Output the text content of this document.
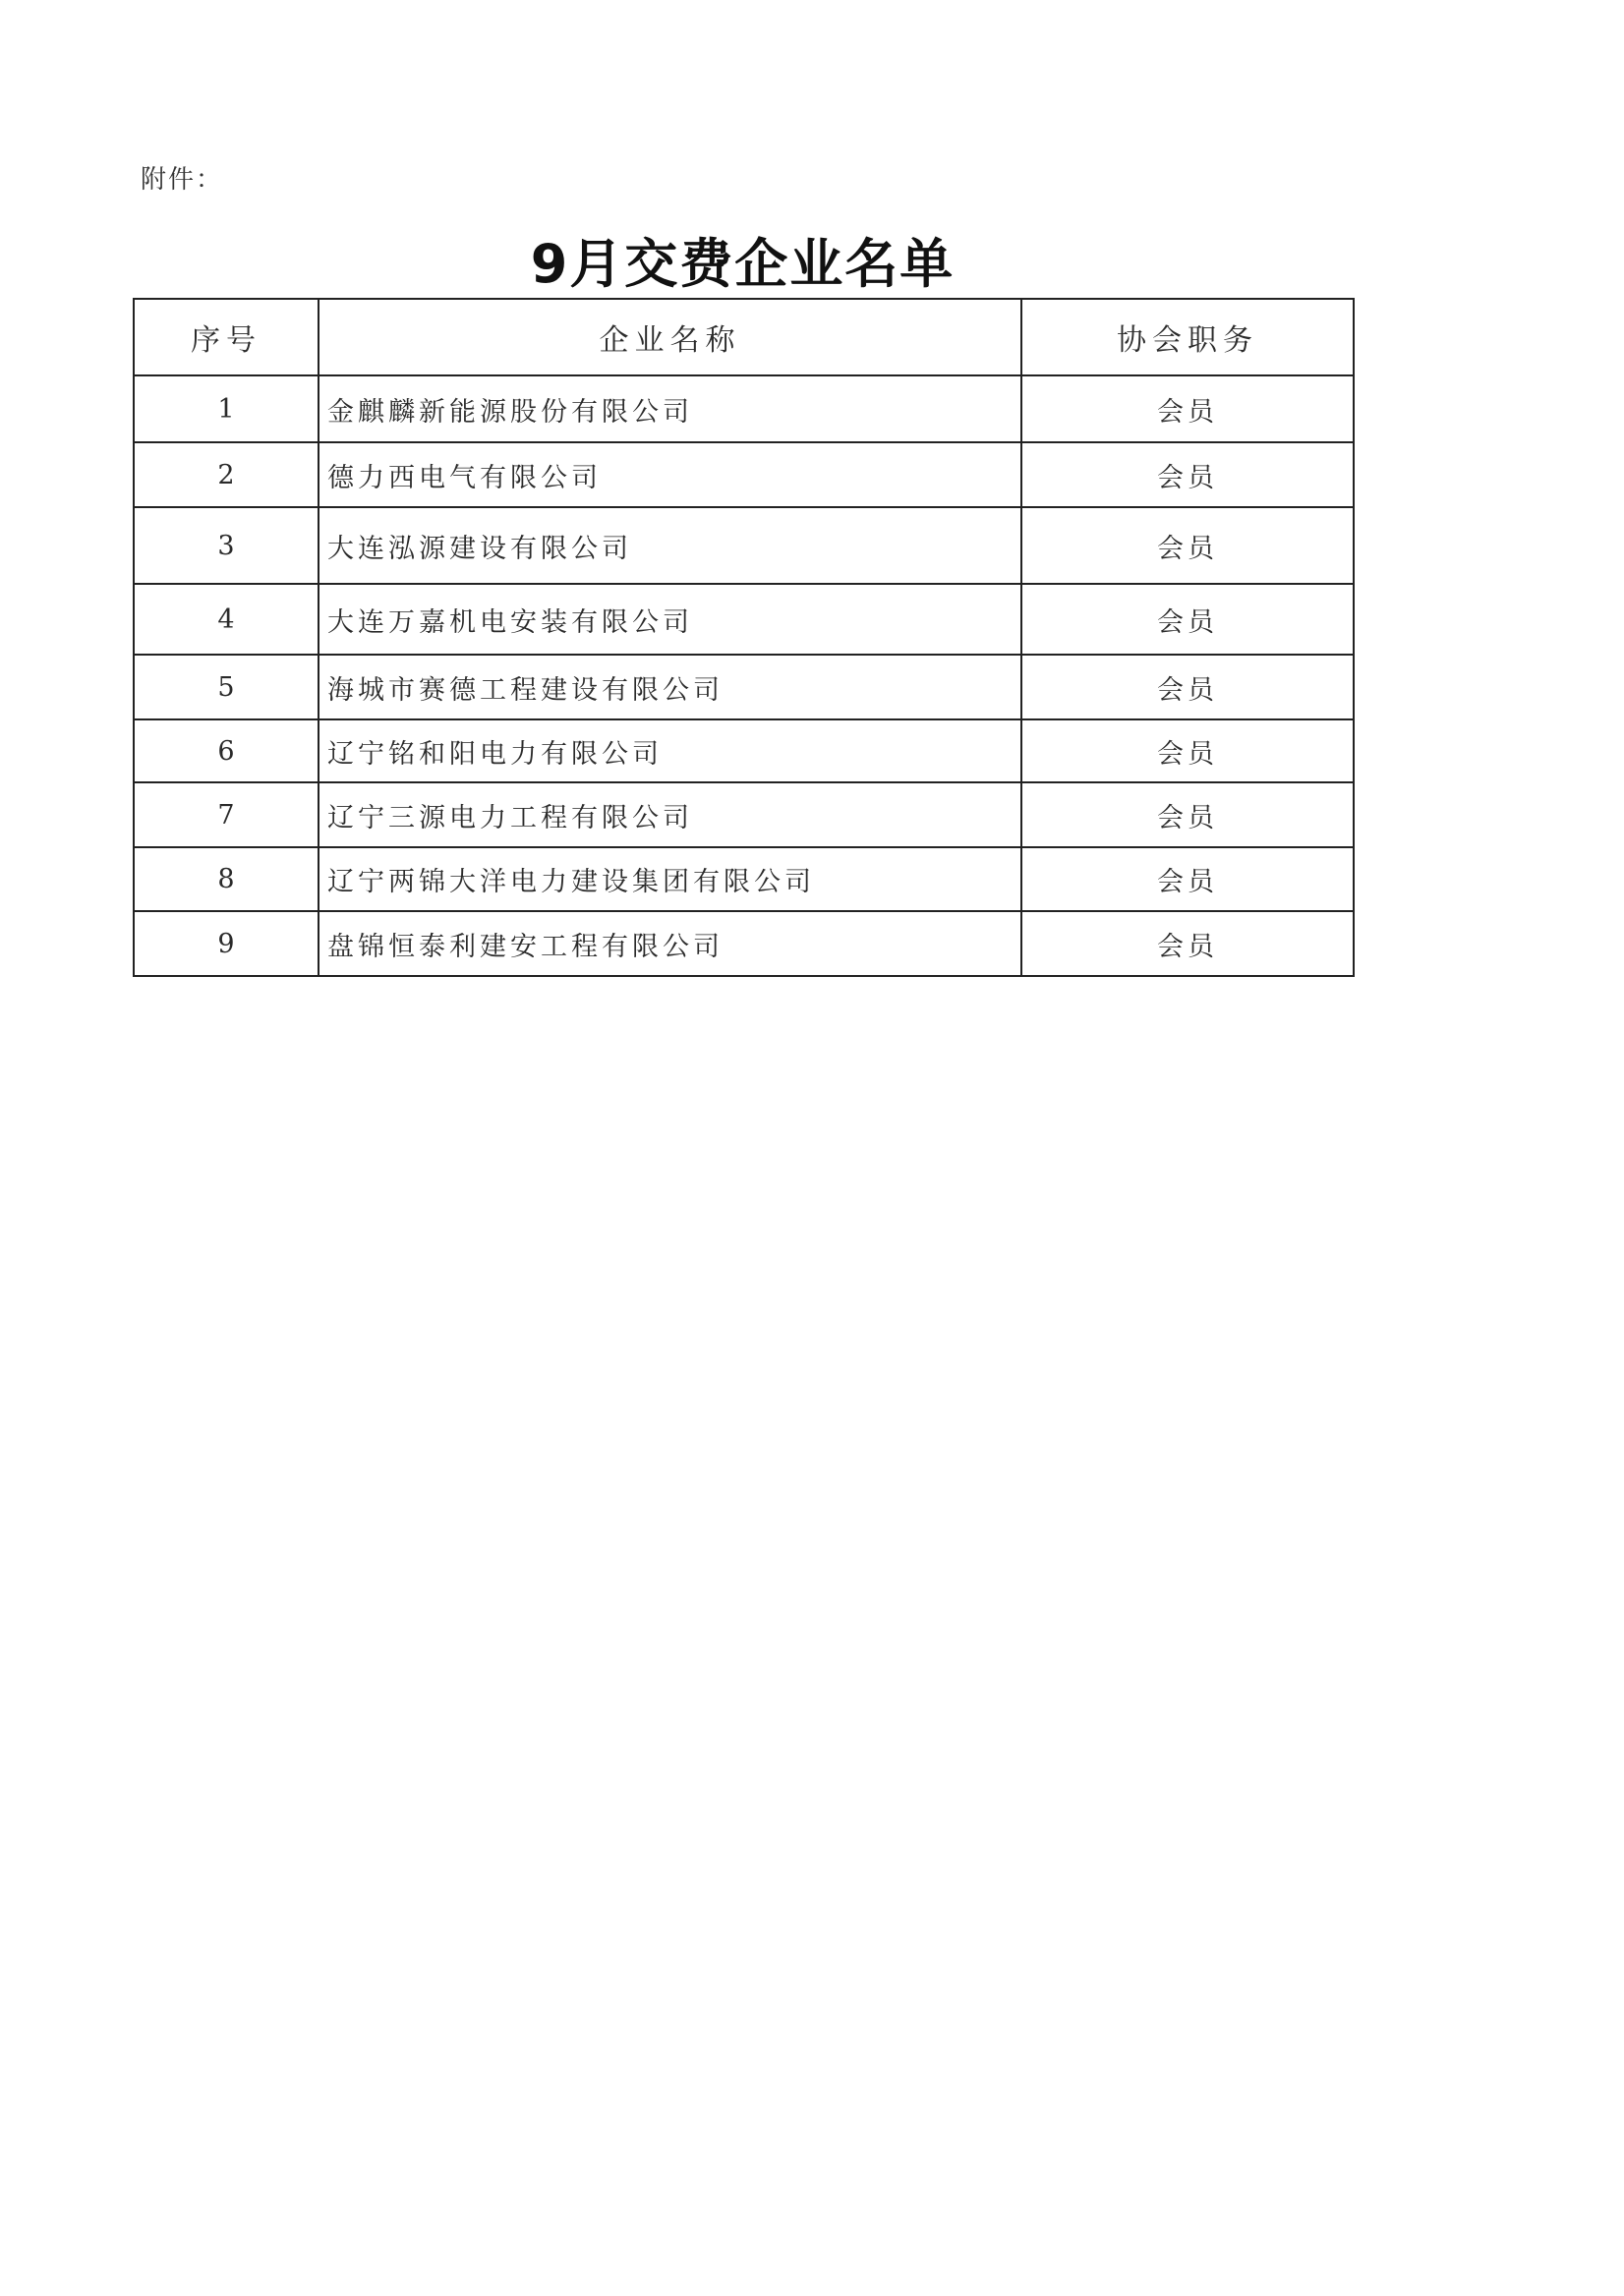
附件：
9月交费企业名单
序号	企业名称	协会职务
1	金麒麟新能源股份有限公司	会员
2	德力西电气有限公司	会员
3	大连泓源建设有限公司	会员
4	大连万嘉机电安装有限公司	会员
5	海城市赛德工程建设有限公司	会员
6	辽宁铭和阳电力有限公司	会员
7	辽宁三源电力工程有限公司	会员
8	辽宁两锦大洋电力建设集团有限公司	会员
9	盘锦恒泰利建安工程有限公司	会员
